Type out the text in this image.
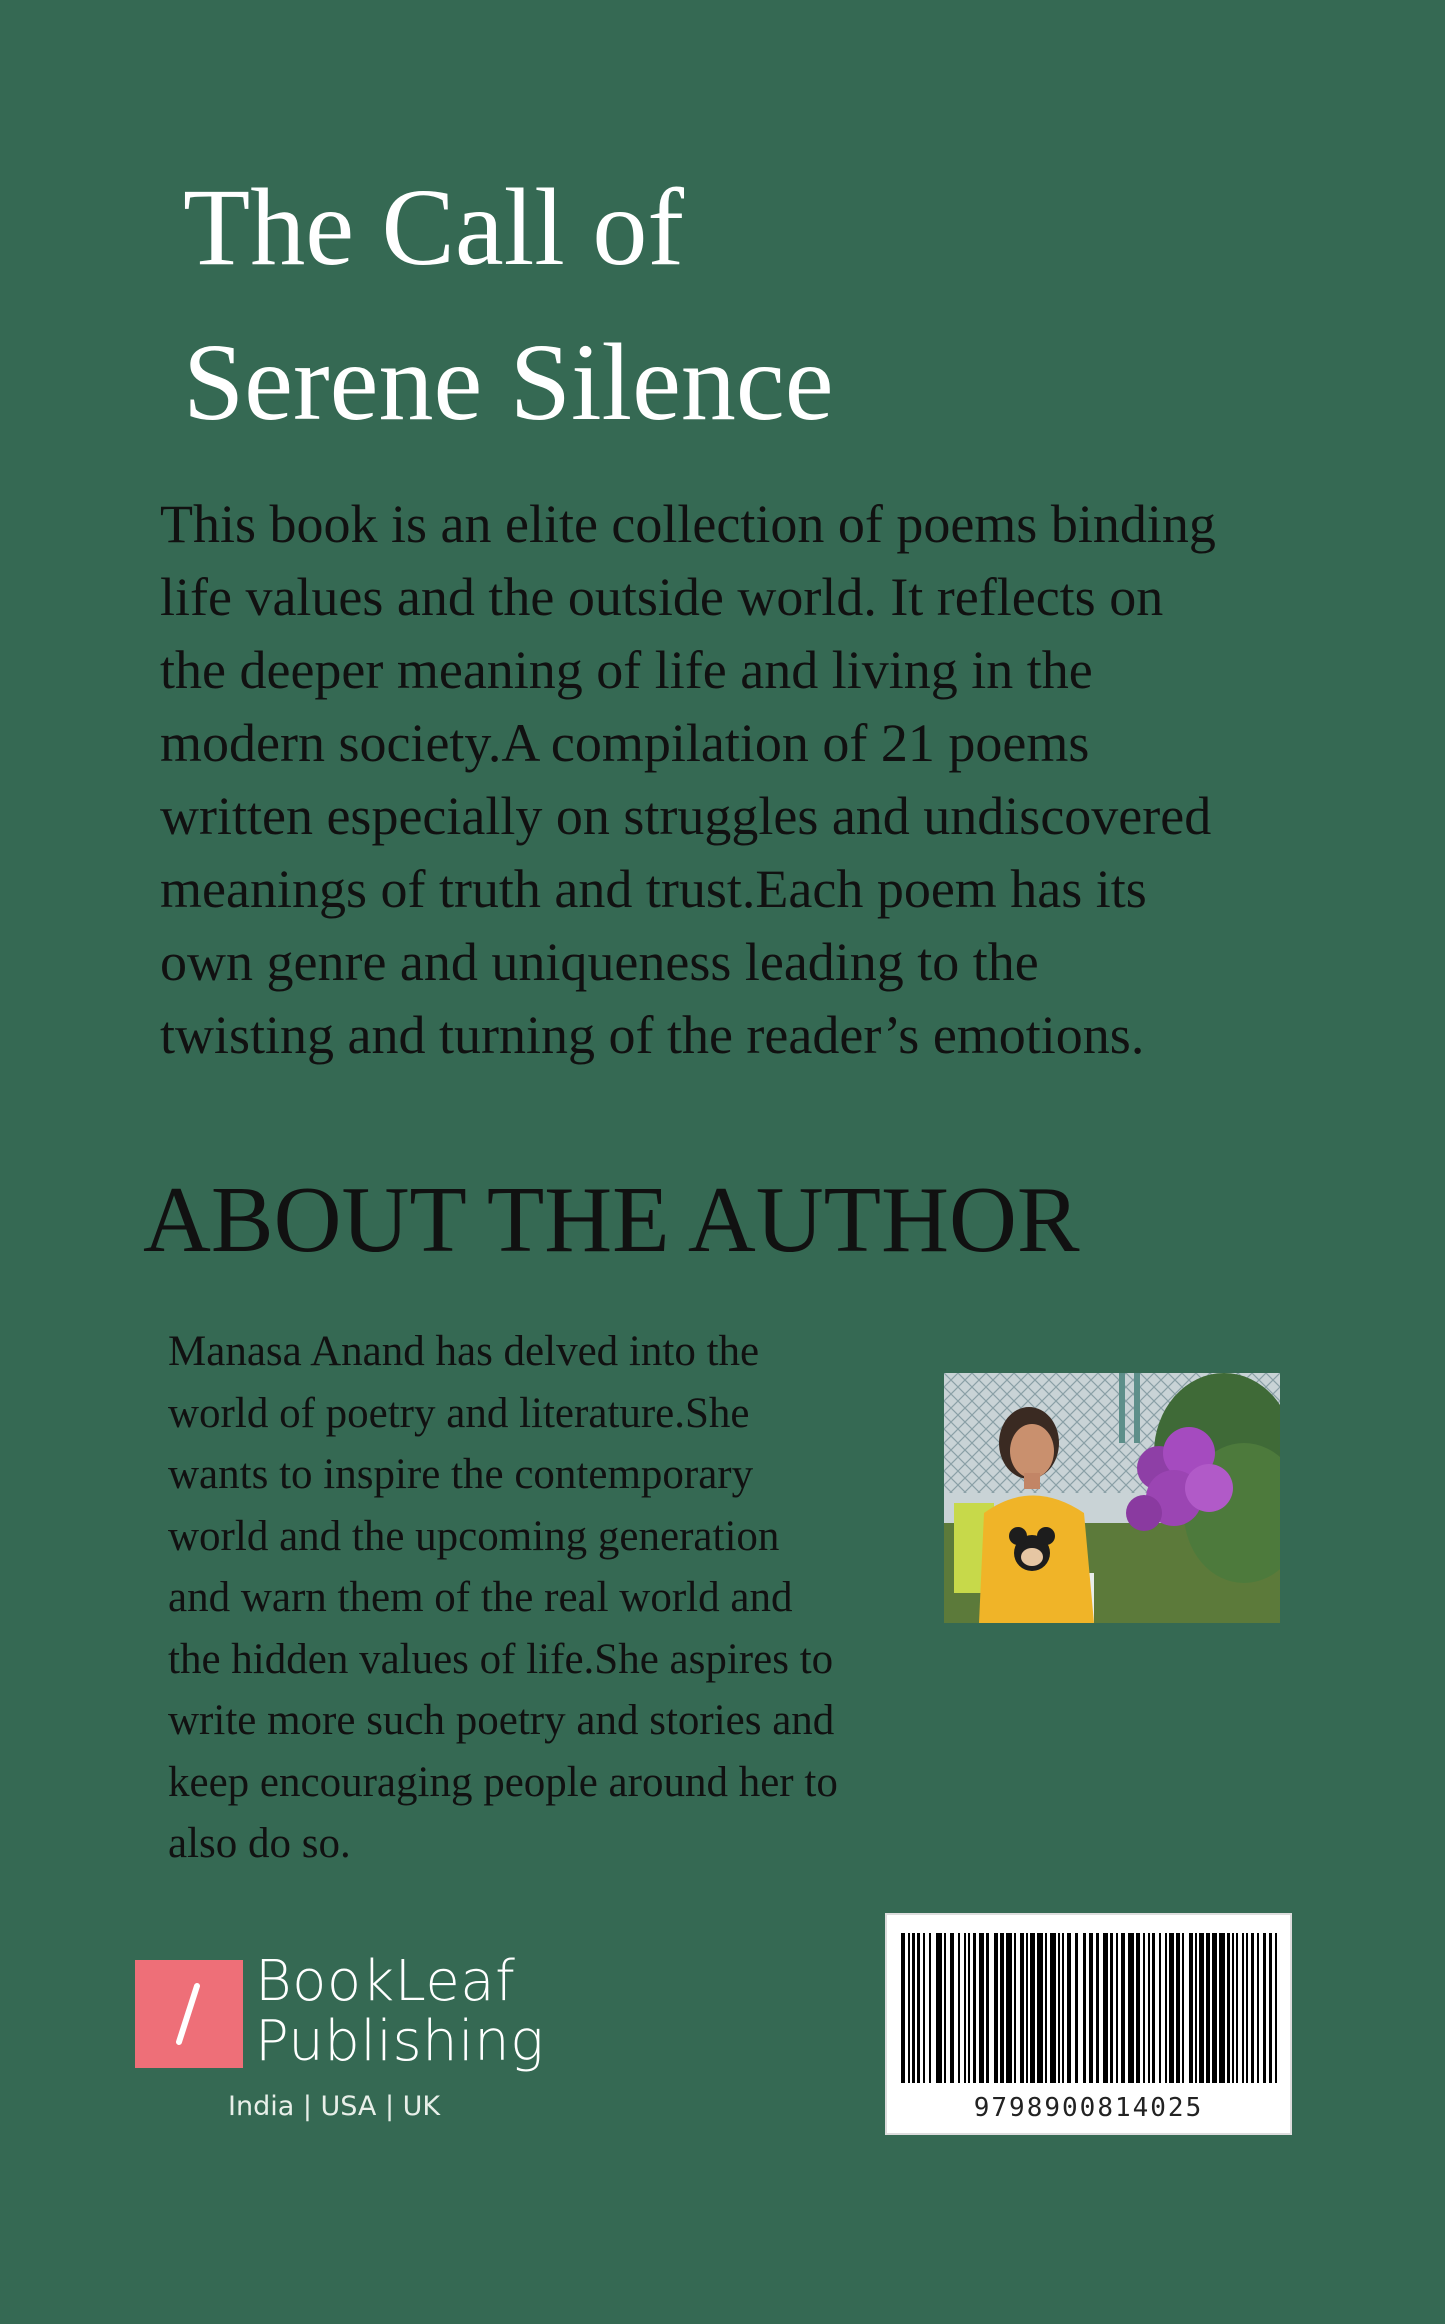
The Call of
Serene Silence

This book is an elite collection of poems binding
life values and the outside world. It reflects on
the deeper meaning of life and living in the
modern society.A compilation of 21 poems
written especially on struggles and undiscovered
meanings of truth and trust.Each poem has its
own genre and uniqueness leading to the
twisting and turning of the reader’s emotions.

ABOUT THE AUTHOR

Manasa Anand has delved into the
world of poetry and literature.She
wants to inspire the contemporary
world and the upcoming generation
and warn them of the real world and
the hidden values of life.She aspires to
write more such poetry and stories and
keep encouraging people around her to
also do so.

BookLeaf
Publishing
India | USA | UK	9798900814025
